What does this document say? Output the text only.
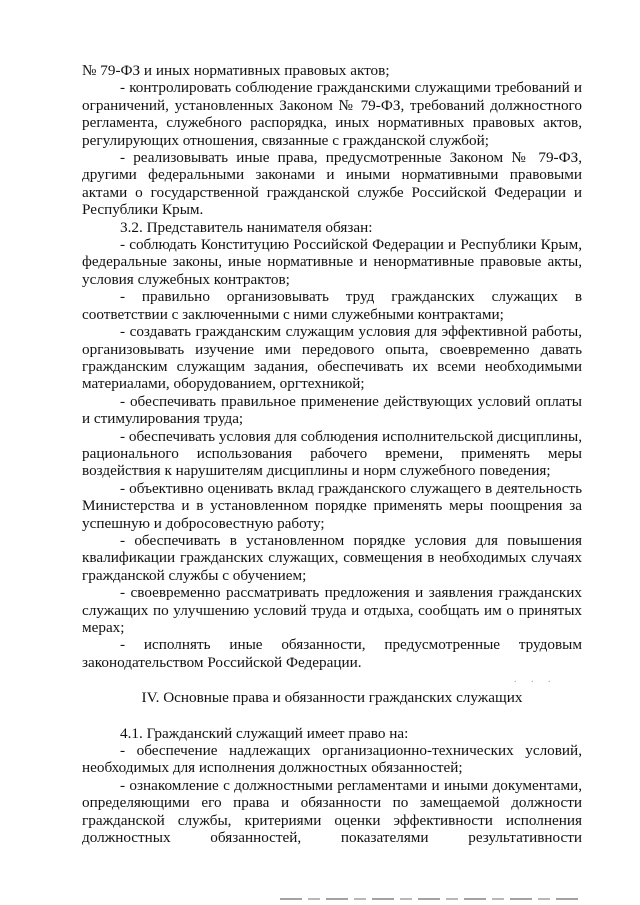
№ 79-ФЗ и иных нормативных правовых актов;

- контролировать соблюдение гражданскими служащими требований и ограничений, установленных Законом № 79-ФЗ, требований должностного регламента, служебного распорядка, иных нормативных правовых актов, регулирующих отношения, связанные с гражданской службой;

- реализовывать иные права, предусмотренные Законом № 79-ФЗ, другими федеральными законами и иными нормативными правовыми актами о государственной гражданской службе Российской Федерации и Республики Крым.

3.2. Представитель нанимателя обязан:

- соблюдать Конституцию Российской Федерации и Республики Крым, федеральные законы, иные нормативные и ненормативные правовые акты, условия служебных контрактов;

- правильно организовывать труд гражданских служащих в соответствии с заключенными с ними служебными контрактами;

- создавать гражданским служащим условия для эффективной работы, организовывать изучение ими передового опыта, своевременно давать гражданским служащим задания, обеспечивать их всеми необходимыми материалами, оборудованием, оргтехникой;

- обеспечивать правильное применение действующих условий оплаты и стимулирования труда;

- обеспечивать условия для соблюдения исполнительской дисциплины, рационального использования рабочего времени, применять меры воздействия к нарушителям дисциплины и норм служебного поведения;

- объективно оценивать вклад гражданского служащего в деятельность Министерства и в установленном порядке применять меры поощрения за успешную и добросовестную работу;

- обеспечивать в установленном порядке условия для повышения квалификации гражданских служащих, совмещения в необходимых случаях гражданской службы с обучением;

- своевременно рассматривать предложения и заявления гражданских служащих по улучшению условий труда и отдыха, сообщать им о принятых мерах;

- исполнять иные обязанности, предусмотренные трудовым законодательством Российской Федерации.

IV. Основные права и обязанности гражданских служащих

4.1. Гражданский служащий имеет право на:

- обеспечение надлежащих организационно-технических условий, необходимых для исполнения должностных обязанностей;

- ознакомление с должностными регламентами и иными документами, определяющими его права и обязанности по замещаемой должности гражданской службы, критериями оценки эффективности исполнения должностных обязанностей, показателями результативности

. . .
